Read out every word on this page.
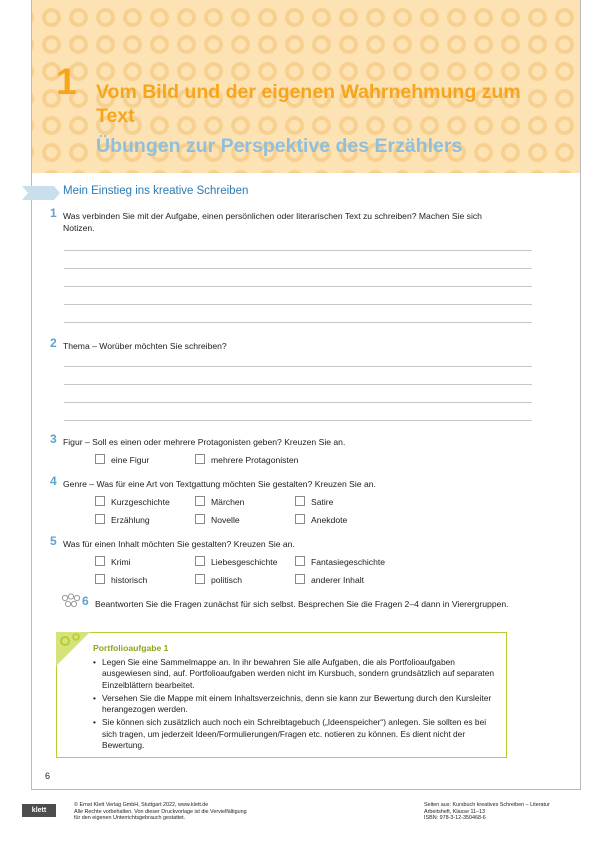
1 Vom Bild und der eigenen Wahrnehmung zum Text
Übungen zur Perspektive des Erzählers
Mein Einstieg ins kreative Schreiben
1 Was verbinden Sie mit der Aufgabe, einen persönlichen oder literarischen Text zu schreiben? Machen Sie sich Notizen.
2 Thema – Worüber möchten Sie schreiben?
3 Figur – Soll es einen oder mehrere Protagonisten geben? Kreuzen Sie an.
eine Figur	mehrere Protagonisten
4 Genre – Was für eine Art von Textgattung möchten Sie gestalten? Kreuzen Sie an.
Kurzgeschichte	Märchen	Satire
Erzählung	Novelle	Anekdote
5 Was für einen Inhalt möchten Sie gestalten? Kreuzen Sie an.
Krimi	Liebesgeschichte	Fantasiegeschichte
historisch	politisch	anderer Inhalt
6 Beantworten Sie die Fragen zunächst für sich selbst. Besprechen Sie die Fragen 2–4 dann in Vierergruppen.
Portfolioaufgabe 1
• Legen Sie eine Sammelmappe an. In ihr bewahren Sie alle Aufgaben, die als Portfolioaufgaben ausgewiesen sind, auf. Portfolioaufgaben werden nicht im Kursbuch, sondern grundsätzlich auf separaten Einzelblättern bearbeitet.
• Versehen Sie die Mappe mit einem Inhaltsverzeichnis, denn sie kann zur Bewertung durch den Kursleiter herangezogen werden.
• Sie können sich zusätzlich auch noch ein Schreibtagebuch („Ideenspeicher“) anlegen. Sie sollten es bei sich tragen, um jederzeit Ideen/Formulierungen/Fragen etc. notieren zu können. Es dient nicht der Bewertung.
6
klett
© Ernst Klett Verlag GmbH, Stuttgart 2022, www.klett.de
Alle Rechte vorbehalten. Von dieser Druckvorlage ist die Vervielfältigung
für den eigenen Unterrichtsgebrauch gestattet.
Seiten aus: Kursbuch kreatives Schreiben – Literatur
Arbeitsheft, Klasse 11–13
ISBN: 978-3-12-350468-6
